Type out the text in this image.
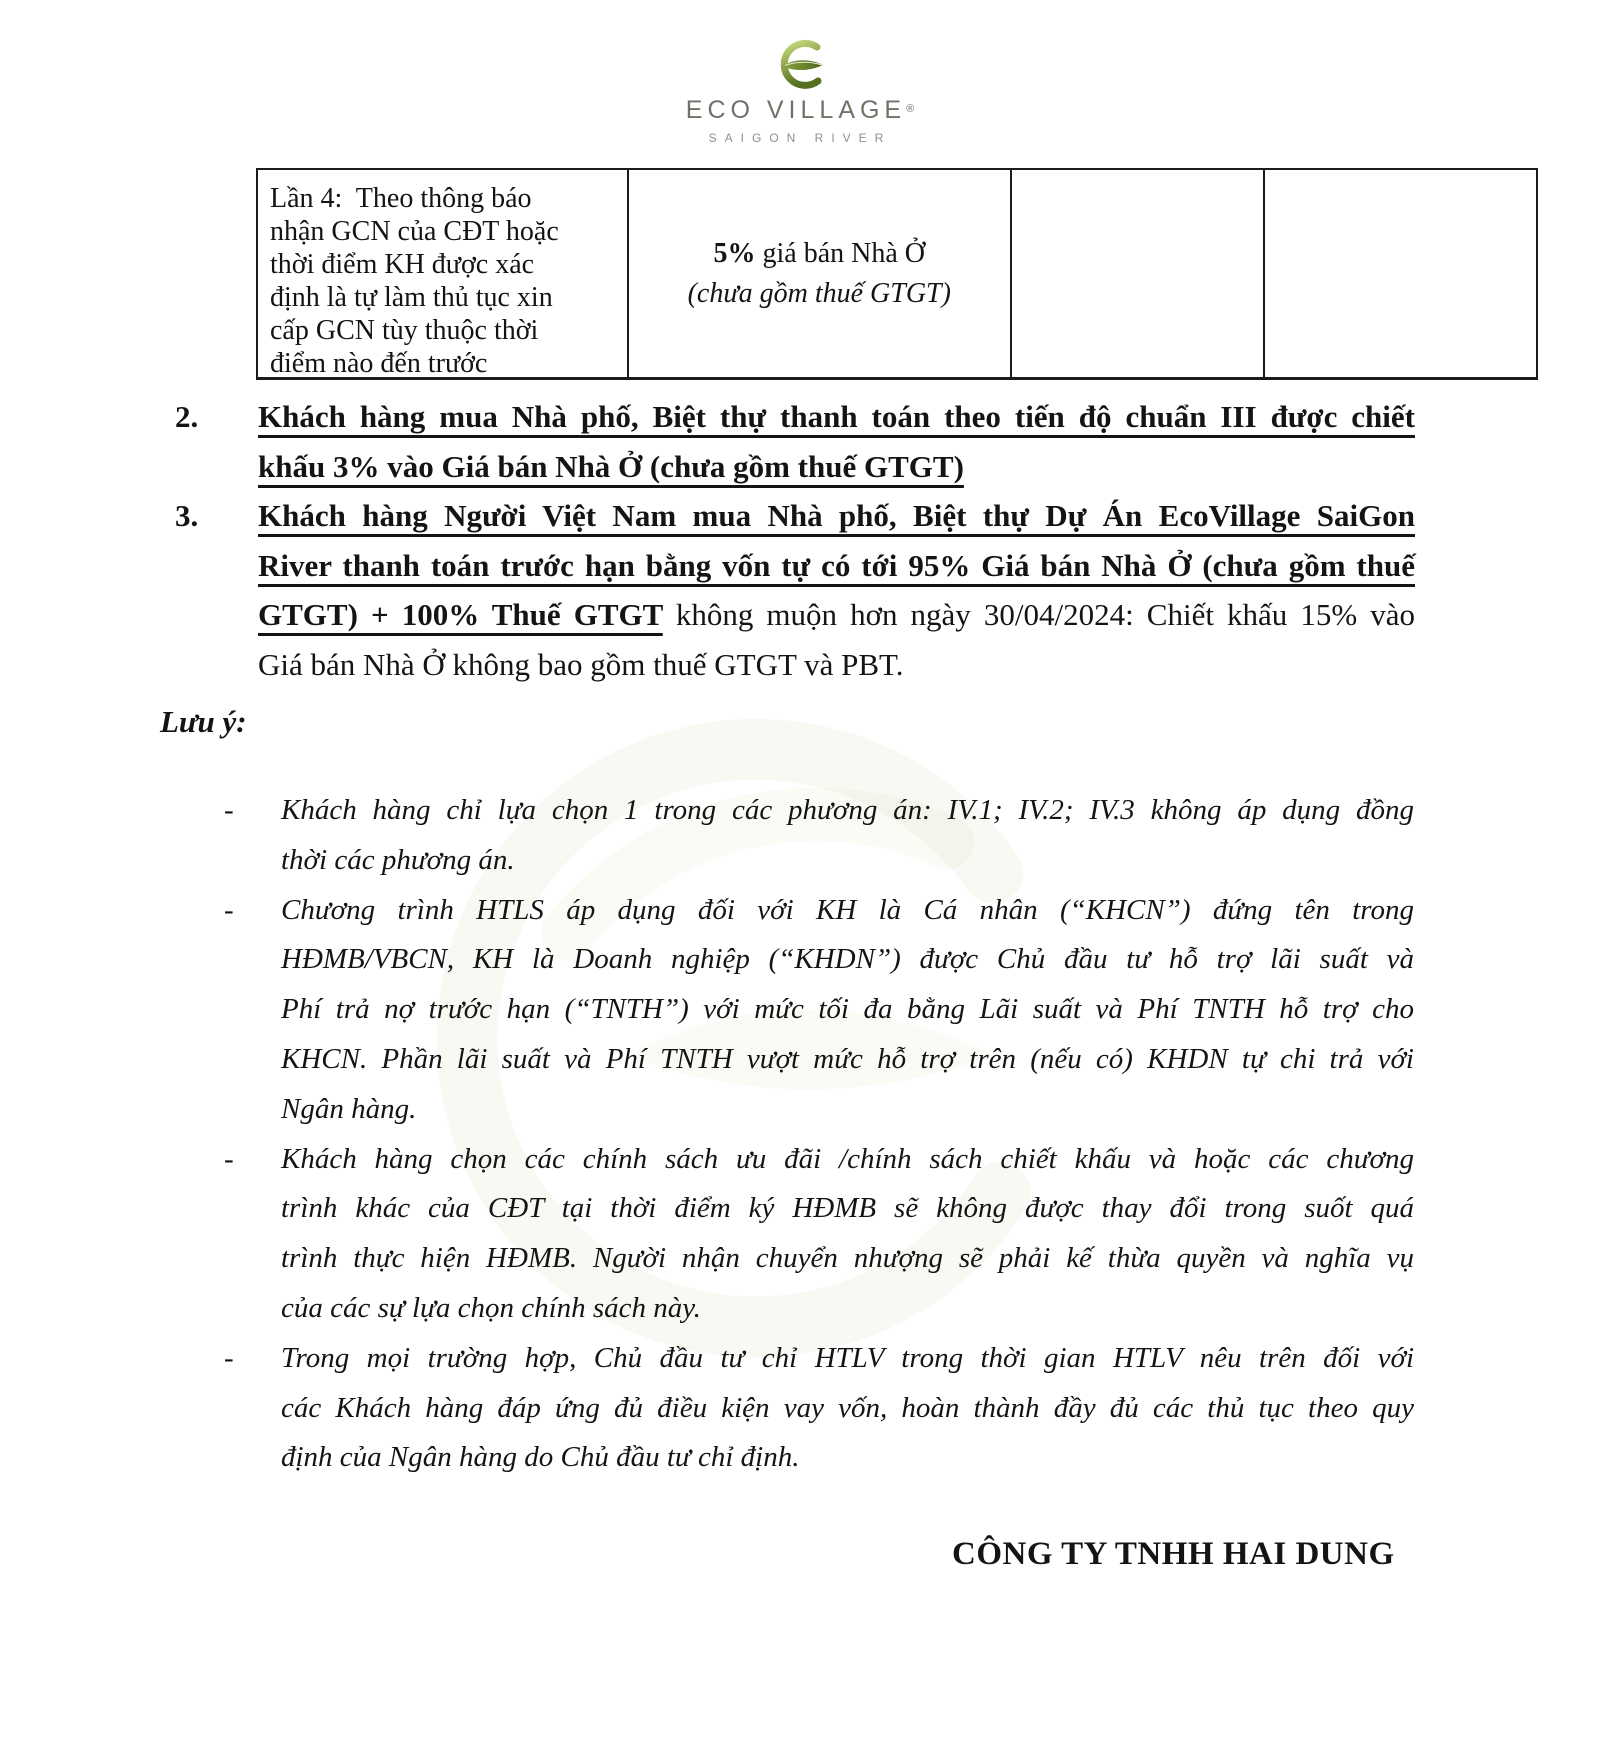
ECO VILLAGE®
SAIGON RIVER
Lần 4:  Theo thông báo
nhận GCN của CĐT hoặc
thời điểm KH được xác
định là tự làm thủ tục xin
cấp GCN tùy thuộc thời
điểm nào đến trước
5% giá bán Nhà Ở
(chưa gồm thuế GTGT)
2. Khách hàng mua Nhà phố, Biệt thự thanh toán theo tiến độ chuẩn III được chiết
khấu 3% vào Giá bán Nhà Ở (chưa gồm thuế GTGT)
3. Khách hàng Người Việt Nam mua Nhà phố, Biệt thự Dự Án EcoVillage SaiGon
River thanh toán trước hạn bằng vốn tự có tới 95% Giá bán Nhà Ở (chưa gồm thuế
GTGT) + 100% Thuế GTGT không muộn hơn ngày 30/04/2024: Chiết khấu 15% vào
Giá bán Nhà Ở không bao gồm thuế GTGT và PBT.
Lưu ý:
- Khách hàng chỉ lựa chọn 1 trong các phương án: IV.1; IV.2; IV.3 không áp dụng đồng
thời các phương án.
- Chương trình HTLS áp dụng đối với KH là Cá nhân (“KHCN”) đứng tên trong
HĐMB/VBCN, KH là Doanh nghiệp (“KHDN”) được Chủ đầu tư hỗ trợ lãi suất và
Phí trả nợ trước hạn (“TNTH”) với mức tối đa bằng Lãi suất và Phí TNTH hỗ trợ cho
KHCN. Phần lãi suất và Phí TNTH vượt mức hỗ trợ trên (nếu có) KHDN tự chi trả với
Ngân hàng.
- Khách hàng chọn các chính sách ưu đãi /chính sách chiết khấu và hoặc các chương
trình khác của CĐT tại thời điểm ký HĐMB sẽ không được thay đổi trong suốt quá
trình thực hiện HĐMB. Người nhận chuyển nhượng sẽ phải kế thừa quyền và nghĩa vụ
của các sự lựa chọn chính sách này.
- Trong mọi trường hợp, Chủ đầu tư chỉ HTLV trong thời gian HTLV nêu trên đối với
các Khách hàng đáp ứng đủ điều kiện vay vốn, hoàn thành đầy đủ các thủ tục theo quy
định của Ngân hàng do Chủ đầu tư chỉ định.
CÔNG TY TNHH HAI DUNG
